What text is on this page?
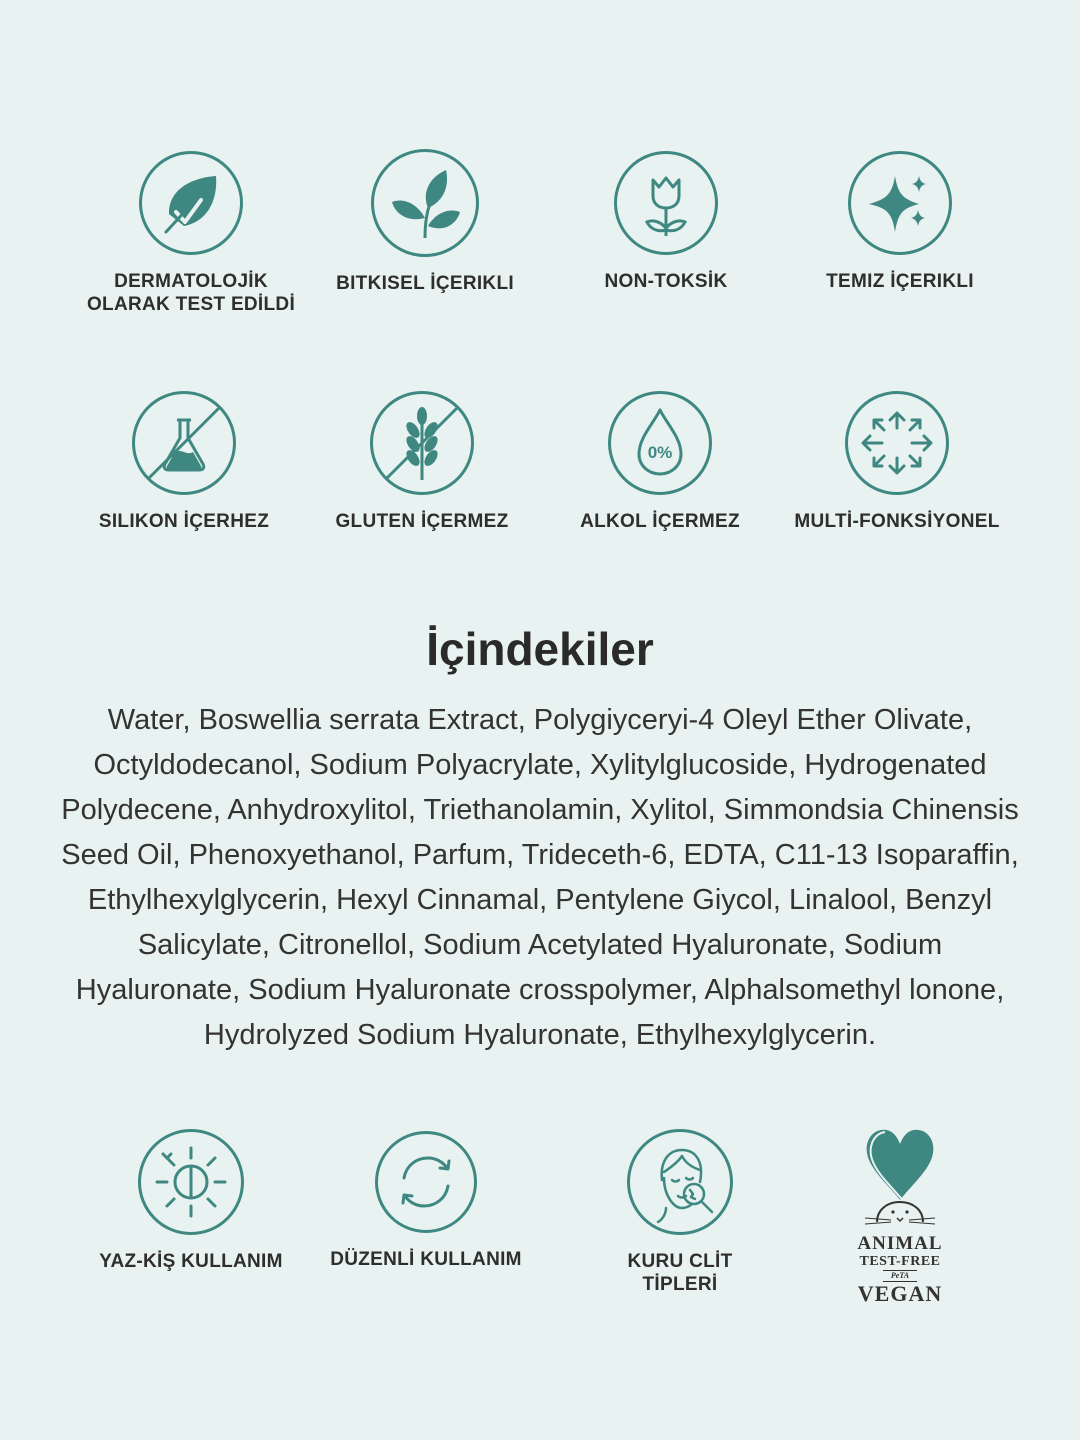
DERMATOLOJİK
OLARAK TEST EDİLDİ
BITKISEL İÇERIKLI	NON-TOKSİK	TEMIZ İÇERIKLI
SILIKON İÇERHEZ	GLUTEN İÇERMEZ
0%
ALKOL İÇERMEZ	MULTİ-FONKSİYONEL
İçindekiler
Water, Boswellia serrata Extract, Polygiyceryi-4 Oleyl Ether Olivate, Octyldodecanol, Sodium Polyacrylate, Xylitylglucoside, Hydrogenated Polydecene, Anhydroxylitol, Triethanolamin, Xylitol, Simmondsia Chinensis Seed Oil, Phenoxyethanol, Parfum, Trideceth-6, EDTA, C11-13 Isoparaffin, Ethylhexylglycerin, Hexyl Cinnamal, Pentylene Giycol, Linalool, Benzyl Salicylate, Citronellol, Sodium Acetylated Hyaluronate, Sodium Hyaluronate, Sodium Hyaluronate crosspolymer, Alphalsomethyl lonone, Hydrolyzed Sodium Hyaluronate, Ethylhexylglycerin.
YAZ-KİŞ KULLANIM DÜZENLİ KULLANIM	KURU CLİT
TİPLERİ
ANIMAL
TEST-FREE
PeTA
VEGAN
